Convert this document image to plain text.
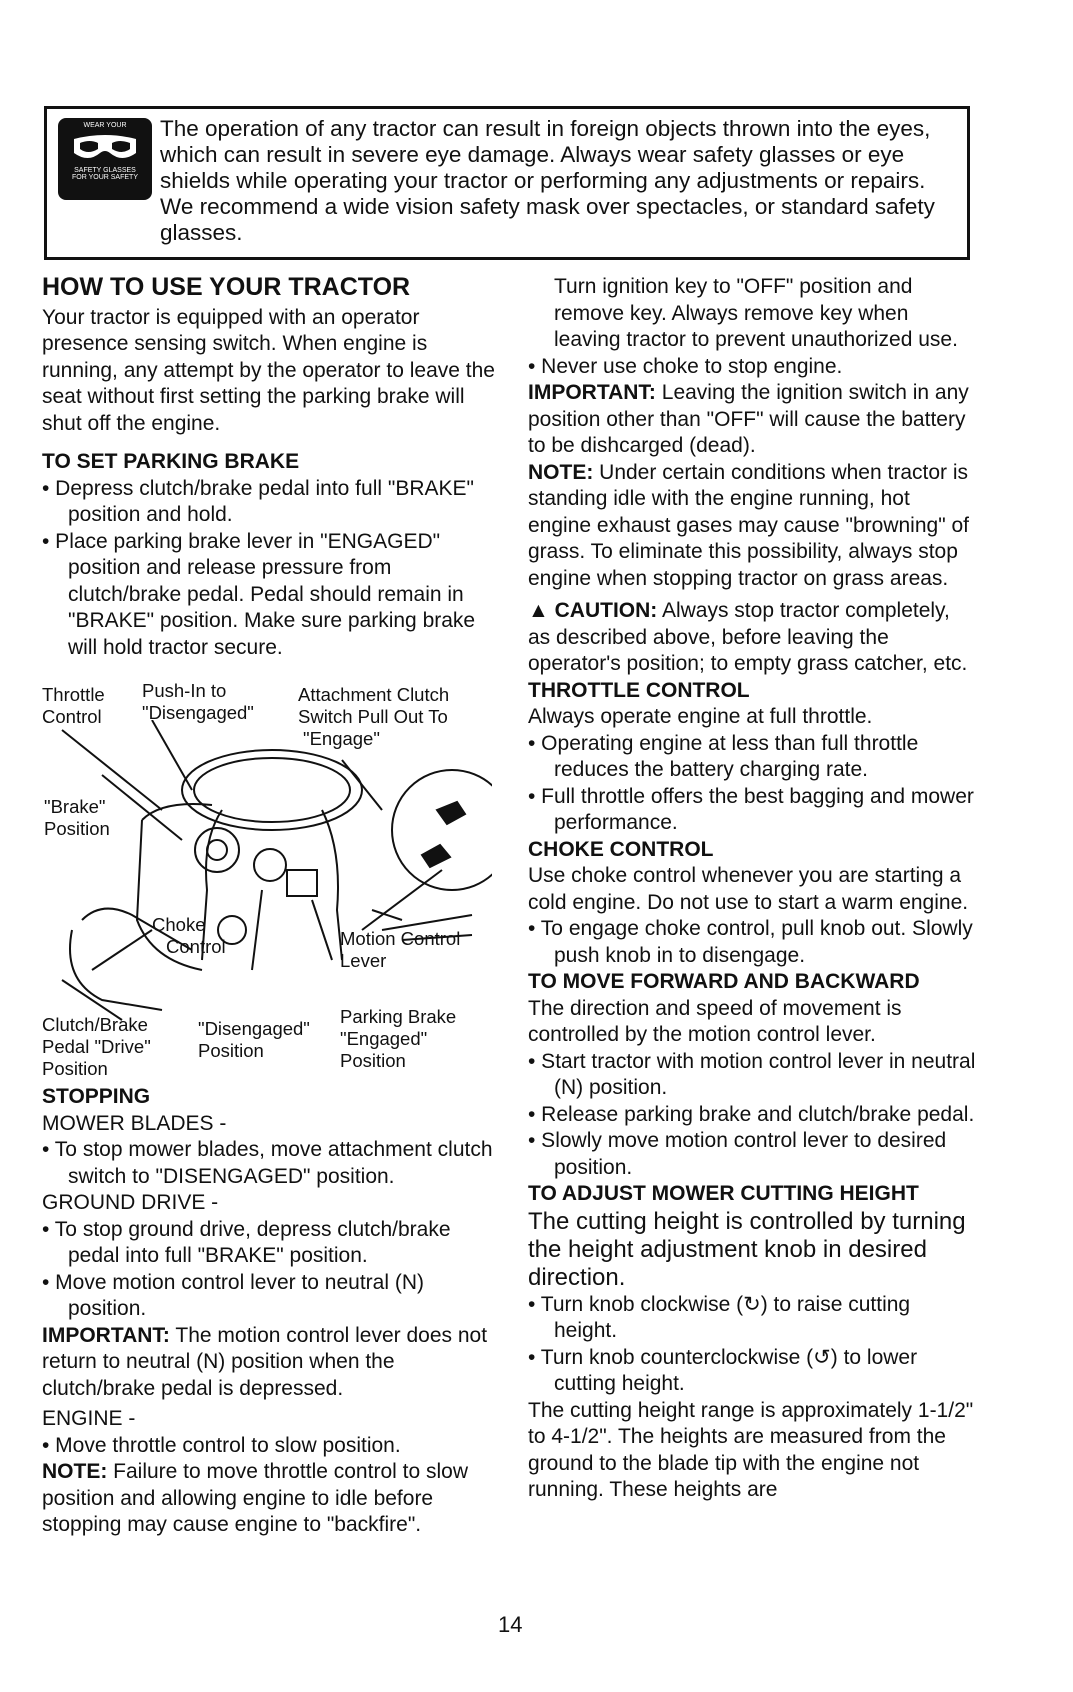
WEAR YOUR
SAFETY GLASSES
FOR YOUR SAFETY
The operation of any tractor can result in foreign objects thrown into the eyes, which can result in severe eye damage. Always wear safety glasses or eye shields while operating your tractor or performing any adjustments or repairs. We recommend a wide vision safety mask over spectacles, or standard safety glasses.
HOW TO USE YOUR TRACTOR
Your tractor is equipped with an operator presence sensing switch. When engine is running, any attempt by the operator to leave the seat without first setting the parking brake will shut off the engine.
TO SET PARKING BRAKE
• Depress clutch/brake pedal into full "BRAKE" position and hold.
• Place parking brake lever in "ENGAGED" position and release pressure from clutch/brake pedal. Pedal should remain in "BRAKE" position. Make sure parking brake will hold tractor secure.
Throttle
Control
Push-In to
"Disengaged"
Attachment Clutch
Switch Pull Out To
"Engage"
"Brake"
Position
Choke
Control	Motion Control
Lever
Clutch/Brake
Pedal "Drive"
Position
"Disengaged"
Position
Parking Brake
"Engaged"
Position
STOPPING
MOWER BLADES -
• To stop mower blades, move attachment clutch switch to "DISENGAGED" position.
GROUND DRIVE -
• To stop ground drive, depress clutch/brake pedal into full "BRAKE" position.
• Move motion control lever to neutral (N) position.
IMPORTANT: The motion control lever does not return to neutral (N) position when the clutch/brake pedal is depressed.
ENGINE -
• Move throttle control to slow position.
NOTE: Failure to move throttle control to slow position and allowing engine to idle before stopping may cause engine to "backfire".
Turn ignition key to "OFF" position and remove key. Always remove key when leaving tractor to prevent unauthorized use.
• Never use choke to stop engine.
IMPORTANT: Leaving the ignition switch in any position other than "OFF" will cause the battery to be dishcarged (dead).
NOTE: Under certain conditions when tractor is standing idle with the engine running, hot engine exhaust gases may cause "browning" of grass. To eliminate this possibility, always stop engine when stopping tractor on grass areas.
▲ CAUTION: Always stop tractor completely, as described above, before leaving the operator's position; to empty grass catcher, etc.
THROTTLE CONTROL
Always operate engine at full throttle.
• Operating engine at less than full throttle reduces the battery charging rate.
• Full throttle offers the best bagging and mower performance.
CHOKE CONTROL
Use choke control whenever you are starting a cold engine. Do not use to start a warm engine.
• To engage choke control, pull knob out. Slowly push knob in to disengage.
TO MOVE FORWARD AND BACKWARD
The direction and speed of movement is controlled by the motion control lever.
• Start tractor with motion control lever in neutral (N) position.
• Release parking brake and clutch/brake pedal.
• Slowly move motion control lever to desired position.
TO ADJUST MOWER CUTTING HEIGHT
The cutting height is controlled by turning the height adjustment knob in desired direction.
• Turn knob clockwise (↻) to raise cutting height.
• Turn knob counterclockwise (↺) to lower cutting height.
The cutting height range is approximately 1-1/2" to 4-1/2". The heights are measured from the ground to the blade tip with the engine not running. These heights are
14
